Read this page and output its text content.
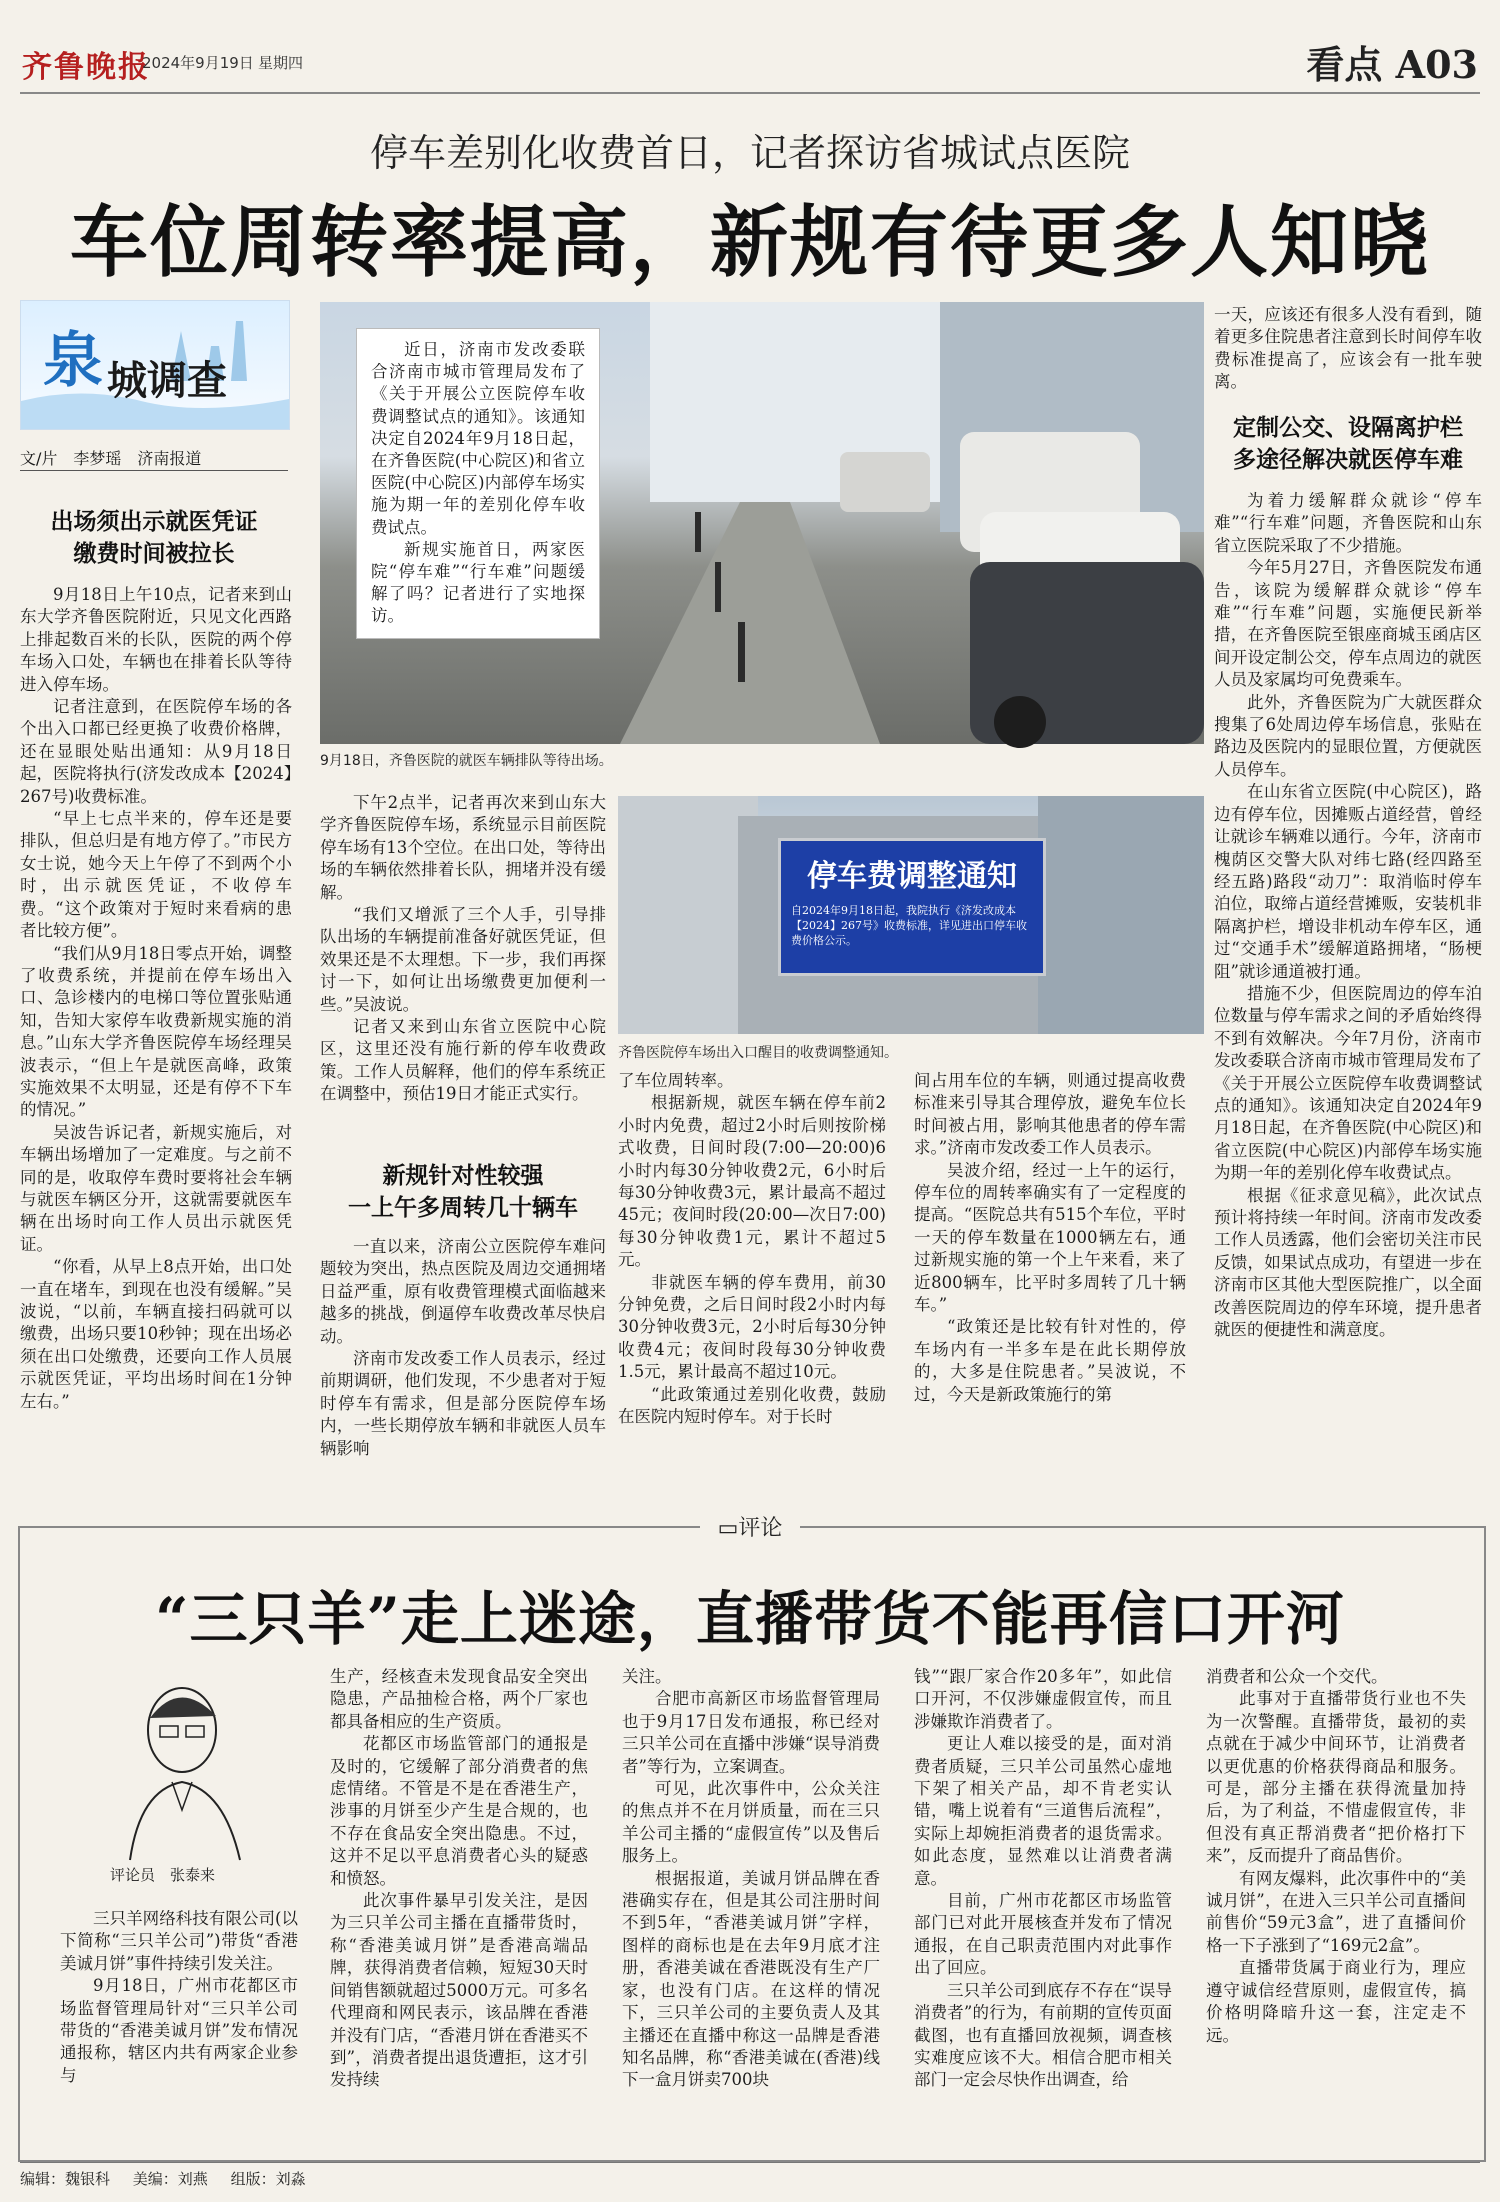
齐鲁晚报
2024年9月19日 星期四	看点 A03
停车差别化收费首日，记者探访省城试点医院
车位周转率提高，新规有待更多人知晓
泉 城调查
文/片　李梦瑶　济南报道
出场须出示就医凭证
缴费时间被拉长

9月18日上午10点，记者来到山东大学齐鲁医院附近，只见文化西路上排起数百米的长队，医院的两个停车场入口处，车辆也在排着长队等待进入停车场。

记者注意到，在医院停车场的各个出入口都已经更换了收费价格牌，还在显眼处贴出通知：从9月18日起，医院将执行(济发改成本【2024】267号)收费标准。

“早上七点半来的，停车还是要排队，但总归是有地方停了。”市民方女士说，她今天上午停了不到两个小时，出示就医凭证，不收停车费。“这个政策对于短时来看病的患者比较方便”。

“我们从9月18日零点开始，调整了收费系统，并提前在停车场出入口、急诊楼内的电梯口等位置张贴通知，告知大家停车收费新规实施的消息。”山东大学齐鲁医院停车场经理吴波表示，“但上午是就医高峰，政策实施效果不太明显，还是有停不下车的情况。”

吴波告诉记者，新规实施后，对车辆出场增加了一定难度。与之前不同的是，收取停车费时要将社会车辆与就医车辆区分开，这就需要就医车辆在出场时向工作人员出示就医凭证。

“你看，从早上8点开始，出口处一直在堵车，到现在也没有缓解。”吴波说，“以前，车辆直接扫码就可以缴费，出场只要10秒钟；现在出场必须在出口处缴费，还要向工作人员展示就医凭证，平均出场时间在1分钟左右。”

近日，济南市发改委联合济南市城市管理局发布了《关于开展公立医院停车收费调整试点的通知》。该通知决定自2024年9月18日起，在齐鲁医院(中心院区)和省立医院(中心院区)内部停车场实施为期一年的差别化停车收费试点。

新规实施首日，两家医院“停车难”“行车难”问题缓解了吗？记者进行了实地探访。

9月18日，齐鲁医院的就医车辆排队等待出场。

下午2点半，记者再次来到山东大学齐鲁医院停车场，系统显示目前医院停车场有13个空位。在出口处，等待出场的车辆依然排着长队，拥堵并没有缓解。

“我们又增派了三个人手，引导排队出场的车辆提前准备好就医凭证，但效果还是不太理想。下一步，我们再探讨一下，如何让出场缴费更加便利一些。”吴波说。

记者又来到山东省立医院中心院区，这里还没有施行新的停车收费政策。工作人员解释，他们的停车系统正在调整中，预估19日才能正式实行。

新规针对性较强
一上午多周转几十辆车

一直以来，济南公立医院停车难问题较为突出，热点医院及周边交通拥堵日益严重，原有收费管理模式面临越来越多的挑战，倒逼停车收费改革尽快启动。

济南市发改委工作人员表示，经过前期调研，他们发现，不少患者对于短时停车有需求，但是部分医院停车场内，一些长期停放车辆和非就医人员车辆影响

停车费调整通知
自2024年9月18日起，我院执行《济发改成本【2024】267号》收费标准，详见进出口停车收费价格公示。
齐鲁医院停车场出入口醒目的收费调整通知。

了车位周转率。

根据新规，就医车辆在停车前2小时内免费，超过2小时后则按阶梯式收费，日间时段(7:00—20:00)6小时内每30分钟收费2元，6小时后每30分钟收费3元，累计最高不超过45元；夜间时段(20:00—次日7:00)每30分钟收费1元，累计不超过5元。

非就医车辆的停车费用，前30分钟免费，之后日间时段2小时内每30分钟收费3元，2小时后每30分钟收费4元；夜间时段每30分钟收费1.5元，累计最高不超过10元。

“此政策通过差别化收费，鼓励在医院内短时停车。对于长时

间占用车位的车辆，则通过提高收费标准来引导其合理停放，避免车位长时间被占用，影响其他患者的停车需求。”济南市发改委工作人员表示。

吴波介绍，经过一上午的运行，停车位的周转率确实有了一定程度的提高。“医院总共有515个车位，平时一天的停车数量在1000辆左右，通过新规实施的第一个上午来看，来了近800辆车，比平时多周转了几十辆车。”

“政策还是比较有针对性的，停车场内有一半多车是在此长期停放的，大多是住院患者。”吴波说，不过，今天是新政策施行的第

一天，应该还有很多人没有看到，随着更多住院患者注意到长时间停车收费标准提高了，应该会有一批车驶离。

定制公交、设隔离护栏
多途径解决就医停车难

为着力缓解群众就诊“停车难”“行车难”问题，齐鲁医院和山东省立医院采取了不少措施。

今年5月27日，齐鲁医院发布通告，该院为缓解群众就诊“停车难”“行车难”问题，实施便民新举措，在齐鲁医院至银座商城玉函店区间开设定制公交，停车点周边的就医人员及家属均可免费乘车。

此外，齐鲁医院为广大就医群众搜集了6处周边停车场信息，张贴在路边及医院内的显眼位置，方便就医人员停车。

在山东省立医院(中心院区)，路边有停车位，因摊贩占道经营，曾经让就诊车辆难以通行。今年，济南市槐荫区交警大队对纬七路(经四路至经五路)路段“动刀”：取消临时停车泊位，取缔占道经营摊贩，安装机非隔离护栏，增设非机动车停车区，通过“交通手术”缓解道路拥堵，“肠梗阻”就诊通道被打通。

措施不少，但医院周边的停车泊位数量与停车需求之间的矛盾始终得不到有效解决。今年7月份，济南市发改委联合济南市城市管理局发布了《关于开展公立医院停车收费调整试点的通知》。该通知决定自2024年9月18日起，在齐鲁医院(中心院区)和省立医院(中心院区)内部停车场实施为期一年的差别化停车收费试点。

根据《征求意见稿》，此次试点预计将持续一年时间。济南市发改委工作人员透露，他们会密切关注市民反馈，如果试点成功，有望进一步在济南市区其他大型医院推广，以全面改善医院周边的停车环境，提升患者就医的便捷性和满意度。

▭评论
“三只羊”走上迷途，直播带货不能再信口开河
评论员　张泰来

三只羊网络科技有限公司(以下简称“三只羊公司”)带货“香港美诚月饼”事件持续引发关注。

9月18日，广州市花都区市场监督管理局针对“三只羊公司带货的“香港美诚月饼”发布情况通报称，辖区内共有两家企业参与

生产，经核查未发现食品安全突出隐患，产品抽检合格，两个厂家也都具备相应的生产资质。

花都区市场监管部门的通报是及时的，它缓解了部分消费者的焦虑情绪。不管是不是在香港生产，涉事的月饼至少产生是合规的，也不存在食品安全突出隐患。不过，这并不足以平息消费者心头的疑惑和愤怒。

此次事件暴早引发关注，是因为三只羊公司主播在直播带货时，称“香港美诚月饼”是香港高端品牌，获得消费者信赖，短短30天时间销售额就超过5000万元。可多名代理商和网民表示，该品牌在香港并没有门店，“香港月饼在香港买不到”，消费者提出退货遭拒，这才引发持续

关注。

合肥市高新区市场监督管理局也于9月17日发布通报，称已经对三只羊公司在直播中涉嫌“误导消费者”等行为，立案调查。

可见，此次事件中，公众关注的焦点并不在月饼质量，而在三只羊公司主播的“虚假宣传”以及售后服务上。

根据报道，美诚月饼品牌在香港确实存在，但是其公司注册时间不到5年，“香港美诚月饼”字样，图样的商标也是在去年9月底才注册，香港美诚在香港既没有生产厂家，也没有门店。在这样的情况下，三只羊公司的主要负责人及其主播还在直播中称这一品牌是香港知名品牌，称“香港美诚在(香港)线下一盒月饼卖700块

钱”“跟厂家合作20多年”，如此信口开河，不仅涉嫌虚假宣传，而且涉嫌欺诈消费者了。

更让人难以接受的是，面对消费者质疑，三只羊公司虽然心虚地下架了相关产品，却不肯老实认错，嘴上说着有“三道售后流程”，实际上却婉拒消费者的退货需求。如此态度，显然难以让消费者满意。

目前，广州市花都区市场监管部门已对此开展核查并发布了情况通报，在自己职责范围内对此事作出了回应。

三只羊公司到底存不存在“误导消费者”的行为，有前期的宣传页面截图，也有直播回放视频，调查核实难度应该不大。相信合肥市相关部门一定会尽快作出调查，给

消费者和公众一个交代。

此事对于直播带货行业也不失为一次警醒。直播带货，最初的卖点就在于减少中间环节，让消费者以更优惠的价格获得商品和服务。可是，部分主播在获得流量加持后，为了利益，不惜虚假宣传，非但没有真正帮消费者“把价格打下来”，反而提升了商品售价。

有网友爆料，此次事件中的“美诚月饼”，在进入三只羊公司直播间前售价“59元3盒”，进了直播间价格一下子涨到了“169元2盒”。

直播带货属于商业行为，理应遵守诚信经营原则，虚假宣传，搞价格明降暗升这一套，注定走不远。

编辑：魏银科 美编：刘燕 组版：刘淼
